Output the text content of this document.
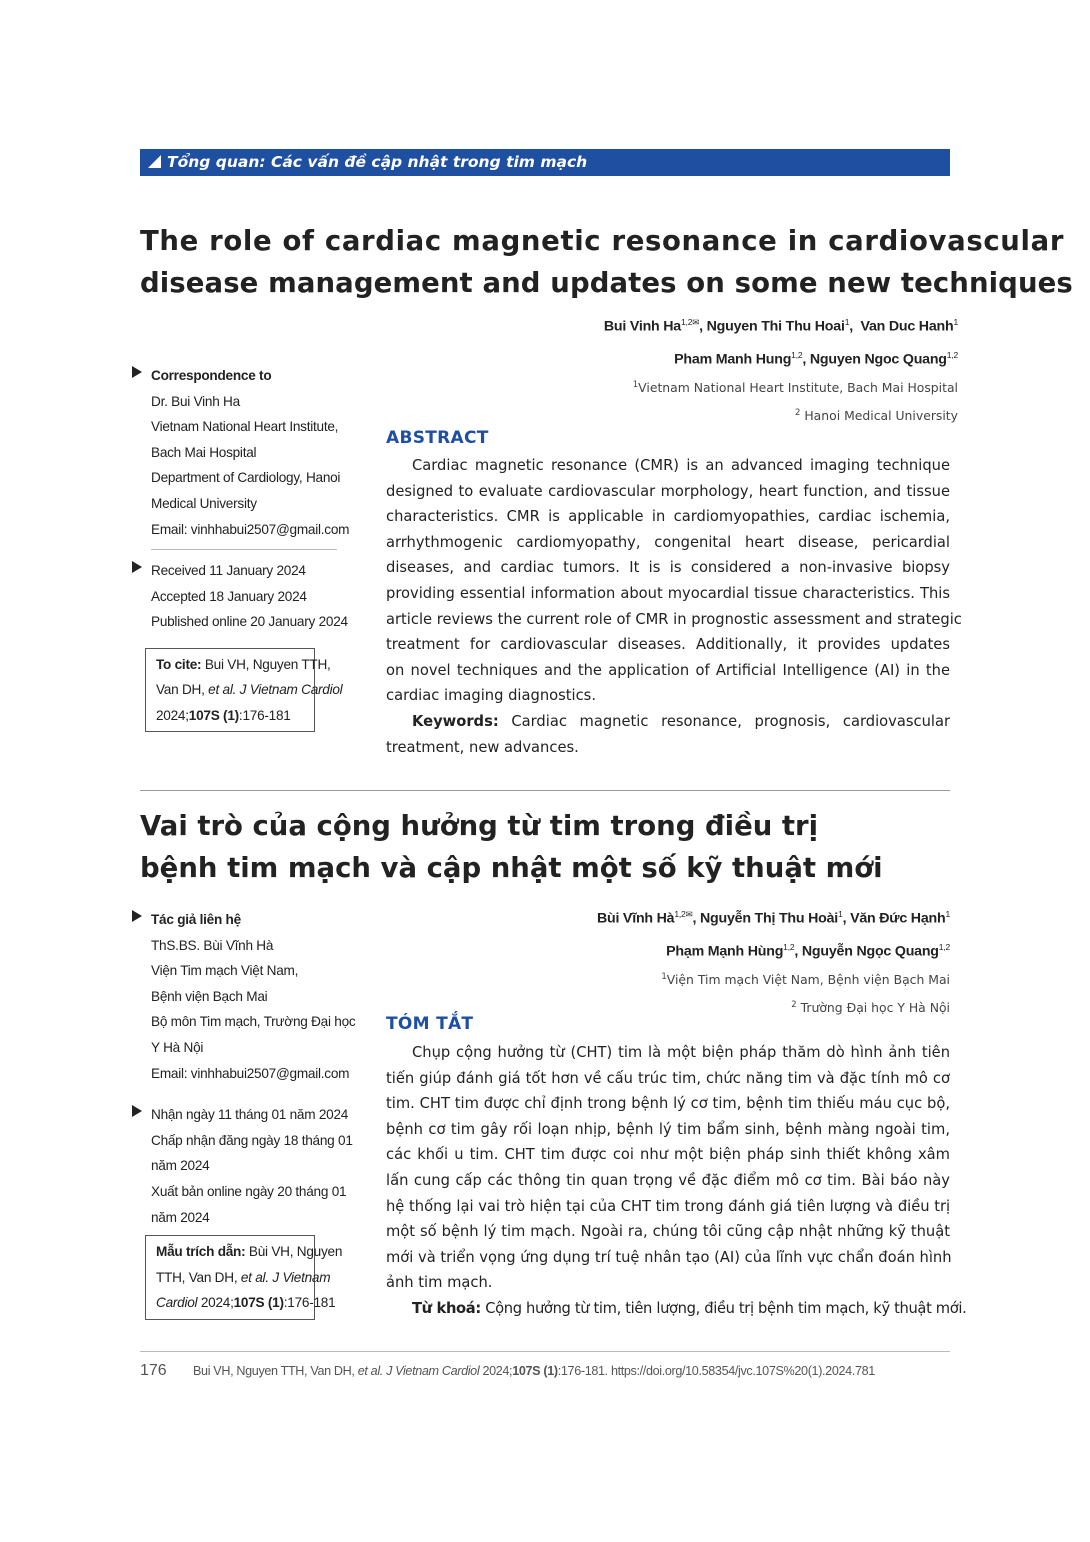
Tổng quan: Các vấn đề cập nhật trong tim mạch
The role of cardiac magnetic resonance in cardiovascular
disease management and updates on some new techniques
Bui Vinh $Ha^{1,2✉}$, Nguyen Thi Thu Hoai$^1$,  Van Duc Hanh$^1$
Pham Manh Hung$^{1,2}$, Nguyen Ngoc Quang$^{1,2}$
$^1$Vietnam National Heart Institute, Bach Mai Hospital
$^2$ Hanoi Medical University
Correspondence to
Dr. Bui Vinh Ha
Vietnam National Heart Institute,
Bach Mai Hospital
Department of Cardiology, Hanoi
Medical University
Email: vinhhabui2507@gmail.com
Received 11 January 2024
Accepted 18 January 2024
Published online 20 January 2024
To cite: Bui VH, Nguyen TTH,
Van DH, et al. J Vietnam Cardiol
2024;107S (1):176-181
ABSTRACT
Cardiac magnetic resonance (CMR) is an advanced imaging technique
designed to evaluate cardiovascular morphology, heart function, and tissue
characteristics. CMR is applicable in cardiomyopathies, cardiac ischemia,
arrhythmogenic cardiomyopathy, congenital heart disease, pericardial
diseases, and cardiac tumors. It is is considered a non-invasive biopsy
providing essential information about myocardial tissue characteristics. This
article reviews the current role of CMR in prognostic assessment and strategic
treatment for cardiovascular diseases. Additionally, it provides updates
on novel techniques and the application of Artificial Intelligence (AI) in the
cardiac imaging diagnostics.
Keywords: Cardiac magnetic resonance, prognosis, cardiovascular
treatment, new advances.
Vai trò của cộng hưởng từ tim trong điều trị
bệnh tim mạch và cập nhật một số kỹ thuật mới
Bùi Vĩnh $Hà^{1,2✉}$, Nguyễn Thị Thu Hoài$^1$, Văn Đức Hạnh$^1$
Phạm Mạnh Hùng$^{1,2}$, Nguyễn Ngọc Quang$^{1,2}$
$^1$Viện Tim mạch Việt Nam, Bệnh viện Bạch Mai
$^2$ Trường Đại học Y Hà Nội
Tác giả liên hệ
ThS.BS. Bùi Vĩnh Hà
Viện Tim mạch Việt Nam,
Bệnh viện Bạch Mai
Bộ môn Tim mạch, Trường Đại học
Y Hà Nội
Email: vinhhabui2507@gmail.com
Nhận ngày 11 tháng 01 năm 2024
Chấp nhận đăng ngày 18 tháng 01
năm 2024
Xuất bản online ngày 20 tháng 01
năm 2024
Mẫu trích dẫn: Bùi VH, Nguyen
TTH, Van DH, et al. J Vietnam
Cardiol 2024;107S (1):176-181
TÓM TẮT
Chụp cộng hưởng từ (CHT) tim là một biện pháp thăm dò hình ảnh tiên
tiến giúp đánh giá tốt hơn về cấu trúc tim, chức năng tim và đặc tính mô cơ
tim. CHT tim được chỉ định trong bệnh lý cơ tim, bệnh tim thiếu máu cục bộ,
bệnh cơ tim gây rối loạn nhịp, bệnh lý tim bẩm sinh, bệnh màng ngoài tim,
các khối u tim. CHT tim được coi như một biện pháp sinh thiết không xâm
lấn cung cấp các thông tin quan trọng về đặc điểm mô cơ tim. Bài báo này
hệ thống lại vai trò hiện tại của CHT tim trong đánh giá tiên lượng và điều trị
một số bệnh lý tim mạch. Ngoài ra, chúng tôi cũng cập nhật những kỹ thuật
mới và triển vọng ứng dụng trí tuệ nhân tạo (AI) của lĩnh vực chẩn đoán hình
ảnh tim mạch.
Từ khoá: Cộng hưởng từ tim, tiên lượng, điều trị bệnh tim mạch, kỹ thuật mới.
176 Bui VH, Nguyen TTH, Van DH, et al. J Vietnam Cardiol 2024;107S (1):176-181. https://doi.org/10.58354/jvc.107S%20(1).2024.781
